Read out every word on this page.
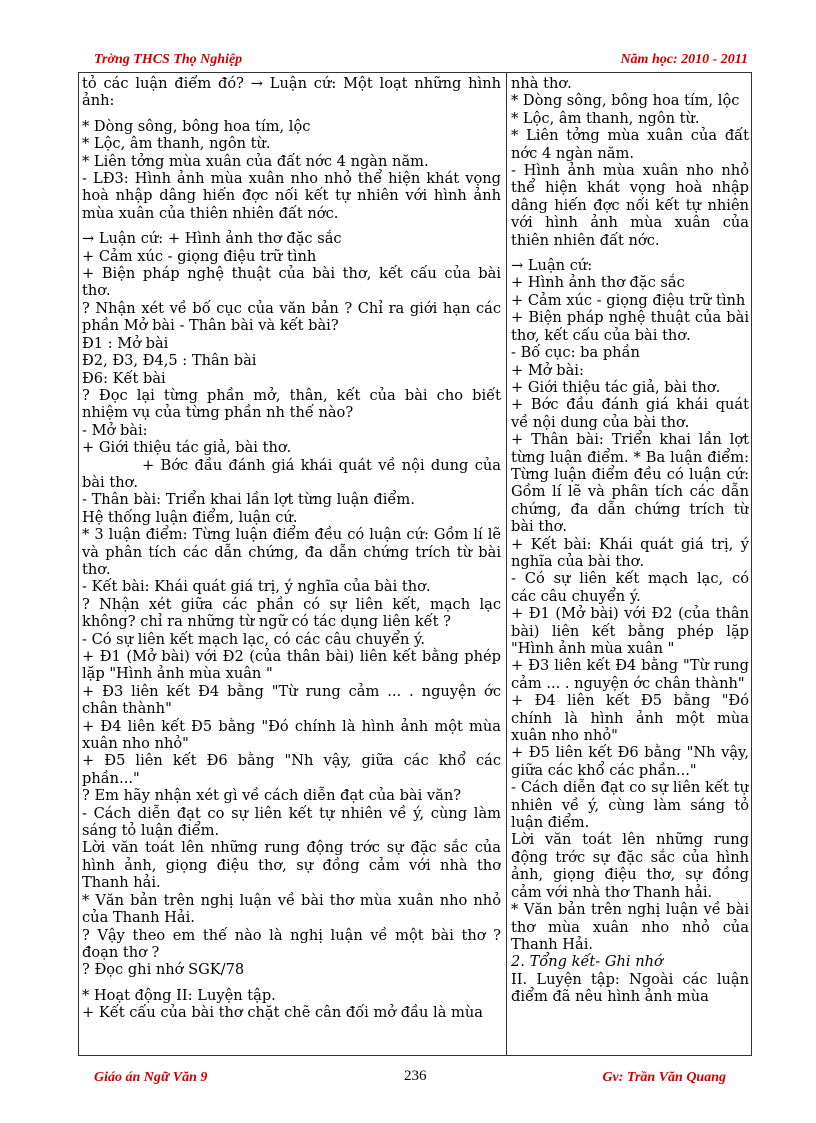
Trờng THCS Thọ Nghiệp	Năm học: 2010 - 2011

tỏ các luận điểm đó? → Luận cứ: Một loạt những hình ảnh:

* Dòng sông, bông hoa tím, lộc

* Lộc, âm thanh, ngôn từ.

* Liên tởng mùa xuân của đất nớc 4 ngàn năm.

- LĐ3: Hình ảnh mùa xuân nho nhỏ thể hiện khát vọng hoà nhập dâng hiến đợc nối kết tự nhiên với hình ảnh mùa xuân của thiên nhiên đất nớc.

→ Luận cứ: + Hình ảnh thơ đặc sắc

+ Cảm xúc - giọng điệu trữ tình

+ Biện pháp nghệ thuật của bài thơ, kết cấu của bài thơ.

? Nhận xét về bố cục của văn bản ? Chỉ ra giới hạn các phần Mở bài - Thân bài và kết bài?

Đ1 : Mở bài

Đ2, Đ3, Đ4,5 : Thân bài

Đ6: Kết bài

? Đọc lại từng phần mở, thân, kết của bài cho biết nhiệm vụ của từng phần nh thế nào?

- Mở bài:

+ Giới thiệu tác giả, bài thơ.

+ Bớc đầu đánh giá khái quát về nội dung của bài thơ.

- Thân bài: Triển khai lần lợt từng luận điểm.

Hệ thống luận điểm, luận cứ.

* 3 luận điểm: Từng luận điểm đều có luận cứ: Gồm lí lẽ và phân tích các dẫn chứng, đa dẫn chứng trích từ bài thơ.

- Kết bài: Khái quát giá trị, ý nghĩa của bài thơ.

? Nhận xét giữa các phần có sự liên kết, mạch lạc không? chỉ ra những từ ngữ có tác dụng liên kết ?

- Có sự liên kết mạch lạc, có các câu chuyển ý.

+ Đ1 (Mở bài) với Đ2 (của thân bài) liên kết bằng phép lặp "Hình ảnh mùa xuân "

+ Đ3 liên kết Đ4 bằng "Từ rung cảm ... . nguyện ớc chân thành"

+ Đ4 liên kết Đ5 bằng "Đó chính là hình ảnh một mùa xuân nho nhỏ"

+ Đ5 liên kết Đ6 bằng "Nh vậy, giữa các khổ các phần..."

? Em hãy nhận xét gì về cách diễn đạt của bài văn?

- Cách diễn đạt co sự liên kết tự nhiên về ý, cùng làm sáng tỏ luận điểm.

Lời văn toát lên những rung động trớc sự đặc sắc của hình ảnh, giọng điệu thơ, sự đồng cảm với nhà thơ Thanh hải.

* Văn bản trên nghị luận về bài thơ mùa xuân nho nhỏ của Thanh Hải.

? Vậy theo em thế nào là nghị luận về một bài thơ ? đoạn thơ ?

? Đọc ghi nhớ SGK/78

* Hoạt động II: Luyện tập.

+ Kết cấu của bài thơ chặt chẽ cân đối mở đầu là mùa

nhà thơ.

* Dòng sông, bông hoa tím, lộc

* Lộc, âm thanh, ngôn từ.

* Liên tởng mùa xuân của đất nớc 4 ngàn năm.

- Hình ảnh mùa xuân nho nhỏ thể hiện khát vọng hoà nhập dâng hiến đợc nối kết tự nhiên với hình ảnh mùa xuân của thiên nhiên đất nớc.

→ Luận cứ:

+ Hình ảnh thơ đặc sắc

+ Cảm xúc - giọng điệu trữ tình

+ Biện pháp nghệ thuật của bài thơ, kết cấu của bài thơ.

- Bố cục: ba phần

+ Mở bài:

+ Giới thiệu tác giả, bài thơ.

+ Bớc đầu đánh giá khái quát về nội dung của bài thơ.

+ Thân bài: Triển khai lần lợt từng luận điểm. * Ba luận điểm: Từng luận điểm đều có luận cứ: Gồm lí lẽ và phân tích các dẫn chứng, đa dẫn chứng trích từ bài thơ.

+ Kết bài: Khái quát giá trị, ý nghĩa của bài thơ.

- Có sự liên kết mạch lạc, có các câu chuyển ý.

+ Đ1 (Mở bài) với Đ2 (của thân bài) liên kết bằng phép lặp "Hình ảnh mùa xuân "

+ Đ3 liên kết Đ4 bằng "Từ rung cảm ... . nguyện ớc chân thành"

+ Đ4 liên kết Đ5 bằng "Đó chính là hình ảnh một mùa xuân nho nhỏ"

+ Đ5 liên kết Đ6 bằng "Nh vậy, giữa các khổ các phần..."

- Cách diễn đạt co sự liên kết tự nhiên về ý, cùng làm sáng tỏ luận điểm.

Lời văn toát lên những rung động trớc sự đặc sắc của hình ảnh, giọng điệu thơ, sự đồng cảm với nhà thơ Thanh hải.

* Văn bản trên nghị luận về bài thơ mùa xuân nho nhỏ của Thanh Hải.

2. Tổng kết- Ghi nhớ

II. Luyện tập: Ngoài các luận điểm đã nêu hình ảnh mùa

Giáo án Ngữ Văn 9	236	Gv: Trần Văn Quang
